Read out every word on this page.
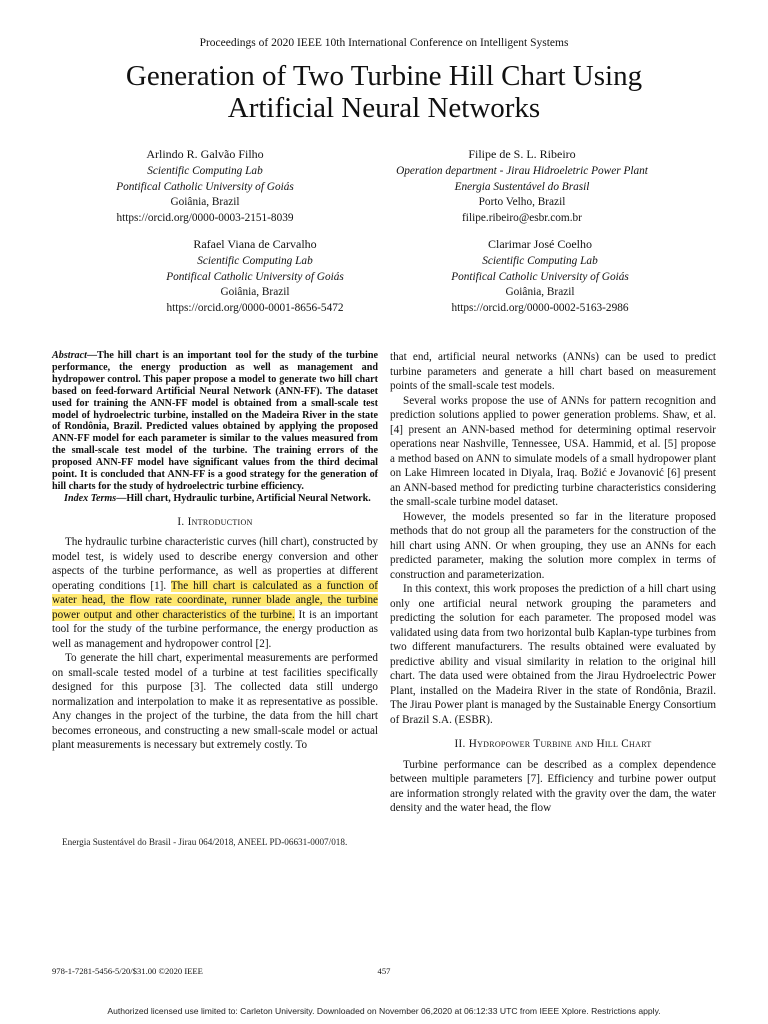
Proceedings of 2020 IEEE 10th International Conference on Intelligent Systems
Generation of Two Turbine Hill Chart Using
Artificial Neural Networks
Arlindo R. Galvão Filho
Scientific Computing Lab
Pontifical Catholic University of Goiás
Goiânia, Brazil
https://orcid.org/0000-0003-2151-8039
Filipe de S. L. Ribeiro
Operation department - Jirau Hidroeletric Power Plant
Energia Sustentável do Brasil
Porto Velho, Brazil
filipe.ribeiro@esbr.com.br
Rafael Viana de Carvalho
Scientific Computing Lab
Pontifical Catholic University of Goiás
Goiânia, Brazil
https://orcid.org/0000-0001-8656-5472
Clarimar José Coelho
Scientific Computing Lab
Pontifical Catholic University of Goiás
Goiânia, Brazil
https://orcid.org/0000-0002-5163-2986
Abstract—The hill chart is an important tool for the study of the turbine performance, the energy production as well as management and hydropower control. This paper propose a model to generate two hill chart based on feed-forward Artificial Neural Network (ANN-FF). The dataset used for training the ANN-FF model is obtained from a small-scale test model of hydroelectric turbine, installed on the Madeira River in the state of Rondônia, Brazil. Predicted values obtained by applying the proposed ANN-FF model for each parameter is similar to the values measured from the small-scale test model of the turbine. The training errors of the proposed ANN-FF model have significant values from the third decimal point. It is concluded that ANN-FF is a good strategy for the generation of hill charts for the study of hydroelectric turbine efficiency.
Index Terms—Hill chart, Hydraulic turbine, Artificial Neural Network.
I. Introduction

The hydraulic turbine characteristic curves (hill chart), constructed by model test, is widely used to describe energy conversion and other aspects of the turbine performance, as well as properties at different operating conditions [1]. The hill chart is calculated as a function of water head, the flow rate coordinate, runner blade angle, the turbine power output and other characteristics of the turbine. It is an important tool for the study of the turbine performance, the energy production as well as management and hydropower control [2].

To generate the hill chart, experimental measurements are performed on small-scale tested model of a turbine at test facilities specifically designed for this purpose [3]. The collected data still undergo normalization and interpolation to make it as representative as possible. Any changes in the project of the turbine, the data from the hill chart becomes erroneous, and constructing a new small-scale model or actual plant measurements is necessary but extremely costly. To

Energia Sustentável do Brasil - Jirau 064/2018, ANEEL PD-06631-0007/018.

that end, artificial neural networks (ANNs) can be used to predict turbine parameters and generate a hill chart based on measurement points of the small-scale test models.

Several works propose the use of ANNs for pattern recognition and prediction solutions applied to power generation problems. Shaw, et al. [4] present an ANN-based method for determining optimal reservoir operations near Nashville, Tennessee, USA. Hammid, et al. [5] propose a method based on ANN to simulate models of a small hydropower plant on Lake Himreen located in Diyala, Iraq. Božić e Jovanović [6] present an ANN-based method for predicting turbine characteristics considering the small-scale turbine model dataset.

However, the models presented so far in the literature proposed methods that do not group all the parameters for the construction of the hill chart using ANN. Or when grouping, they use an ANNs for each predicted parameter, making the solution more complex in terms of construction and parameterization.

In this context, this work proposes the prediction of a hill chart using only one artificial neural network grouping the parameters and predicting the solution for each parameter. The proposed model was validated using data from two horizontal bulb Kaplan-type turbines from two different manufacturers. The results obtained were evaluated by predictive ability and visual similarity in relation to the original hill chart. The data used were obtained from the Jirau Hydroelectric Power Plant, installed on the Madeira River in the state of Rondônia, Brazil. The Jirau Power plant is managed by the Sustainable Energy Consortium of Brazil S.A. (ESBR).

II. Hydropower Turbine and Hill Chart

Turbine performance can be described as a complex dependence between multiple parameters [7]. Efficiency and turbine power output are information strongly related with the gravity over the dam, the water density and the water head, the flow

978-1-7281-5456-5/20/$31.00 ©2020 IEEE	457
Authorized licensed use limited to: Carleton University. Downloaded on November 06,2020 at 06:12:33 UTC from IEEE Xplore. Restrictions apply.
